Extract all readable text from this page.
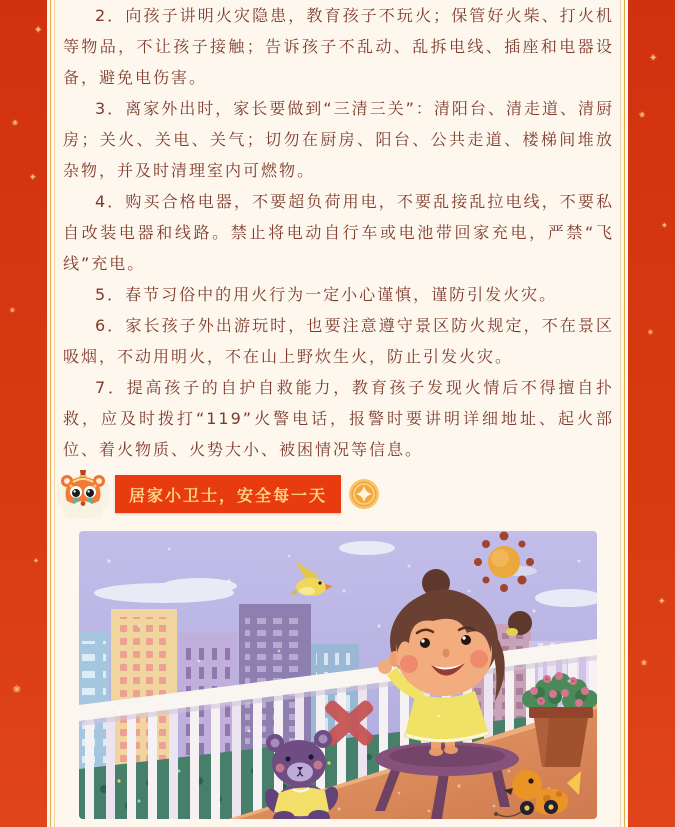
✦
❀
✦
❀
✦
❀
✦
❀
✦
❀
✦
❀

2．向孩子讲明火灾隐患，教育孩子不玩火；保管好火柴、打火机等物品，不让孩子接触；告诉孩子不乱动、乱拆电线、插座和电器设备，避免电伤害。

3．离家外出时，家长要做到“三清三关”：清阳台、清走道、清厨房；关火、关电、关气；切勿在厨房、阳台、公共走道、楼梯间堆放杂物，并及时清理室内可燃物。

4．购买合格电器，不要超负荷用电，不要乱接乱拉电线，不要私自改装电器和线路。禁止将电动自行车或电池带回家充电，严禁“飞线”充电。

5．春节习俗中的用火行为一定小心谨慎，谨防引发火灾。

6．家长孩子外出游玩时，也要注意遵守景区防火规定，不在景区吸烟，不动用明火，不在山上野炊生火，防止引发火灾。

7．提高孩子的自护自救能力，教育孩子发现火情后不得擅自扑救，应及时拨打“119”火警电话，报警时要讲明详细地址、起火部位、着火物质、火势大小、被困情况等信息。

居家小卫士，安全每一天
